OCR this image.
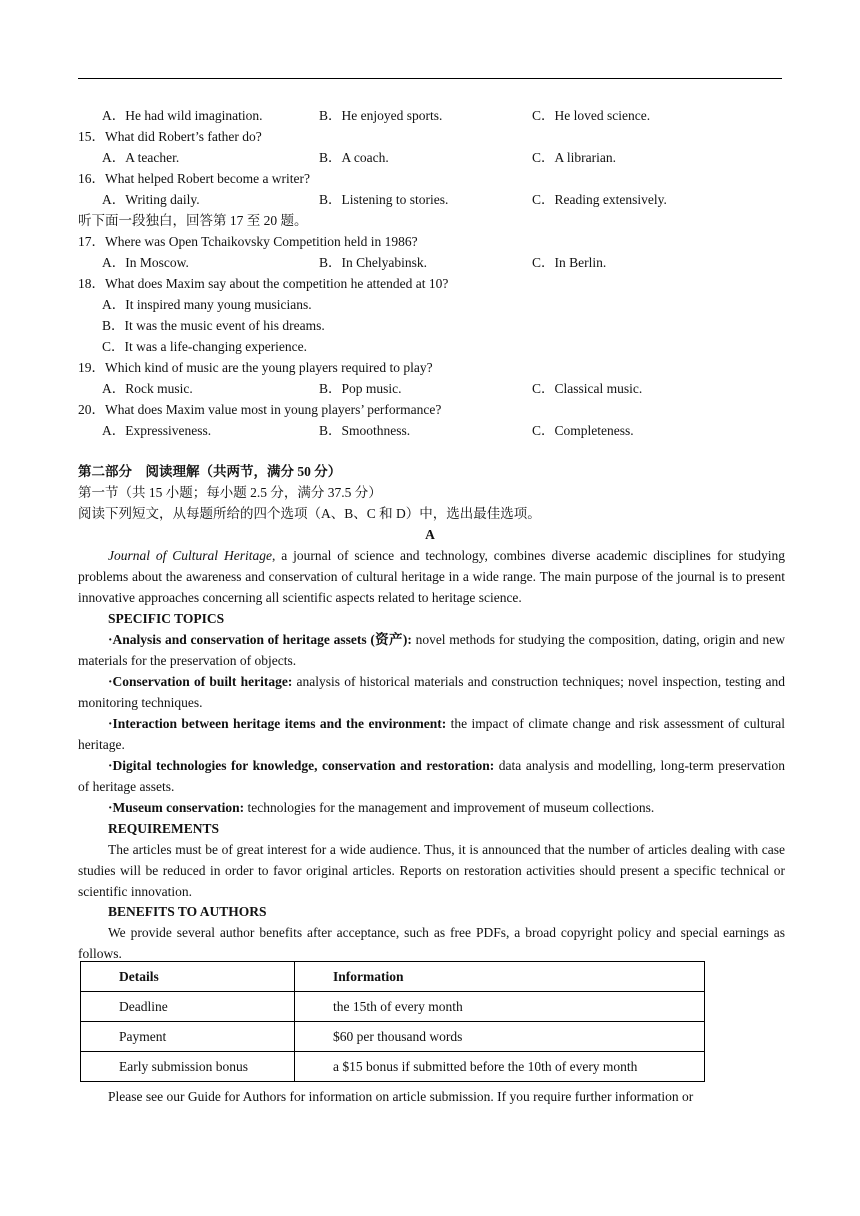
A．He had wild imagination.	B．He enjoyed sports.	C．He loved science.
15．What did Robert’s father do?
A．A teacher.	B．A coach.	C．A librarian.
16．What helped Robert become a writer?
A．Writing daily.	B．Listening to stories.	C．Reading extensively.
听下面一段独白，回答第 17 至 20 题。
17．Where was Open Tchaikovsky Competition held in 1986?
A．In Moscow.	B．In Chelyabinsk.	C．In Berlin.
18．What does Maxim say about the competition he attended at 10?
A．It inspired many young musicians.
B．It was the music event of his dreams.
C．It was a life-changing experience.
19．Which kind of music are the young players required to play?
A．Rock music.	B．Pop music.	C．Classical music.
20．What does Maxim value most in young players’ performance?
A．Expressiveness.	B．Smoothness.	C．Completeness.
第二部分　阅读理解（共两节，满分 50 分）
第一节（共 15 小题；每小题 2.5 分，满分 37.5 分）
阅读下列短文，从每题所给的四个选项（A、B、C 和 D）中，选出最佳选项。
A
Journal of Cultural Heritage, a journal of science and technology, combines diverse academic disciplines for studying problems about the awareness and conservation of cultural heritage in a wide range. The main purpose of the journal is to present innovative approaches concerning all scientific aspects related to heritage science.
SPECIFIC TOPICS
·Analysis and conservation of heritage assets (资产): novel methods for studying the composition, dating, origin and new materials for the preservation of objects.
·Conservation of built heritage: analysis of historical materials and construction techniques; novel inspection, testing and monitoring techniques.
·Interaction between heritage items and the environment: the impact of climate change and risk assessment of cultural heritage.
·Digital technologies for knowledge, conservation and restoration: data analysis and modelling, long-term preservation of heritage assets.
·Museum conservation: technologies for the management and improvement of museum collections.
REQUIREMENTS
The articles must be of great interest for a wide audience. Thus, it is announced that the number of articles dealing with case studies will be reduced in order to favor original articles. Reports on restoration activities should present a specific technical or scientific innovation.
BENEFITS TO AUTHORS
We provide several author benefits after acceptance, such as free PDFs, a broad copyright policy and special earnings as follows.
Details	Information
Deadline	the 15th of every month
Payment	$60 per thousand words
Early submission bonus	a $15 bonus if submitted before the 10th of every month
Please see our Guide for Authors for information on article submission. If you require further information or
